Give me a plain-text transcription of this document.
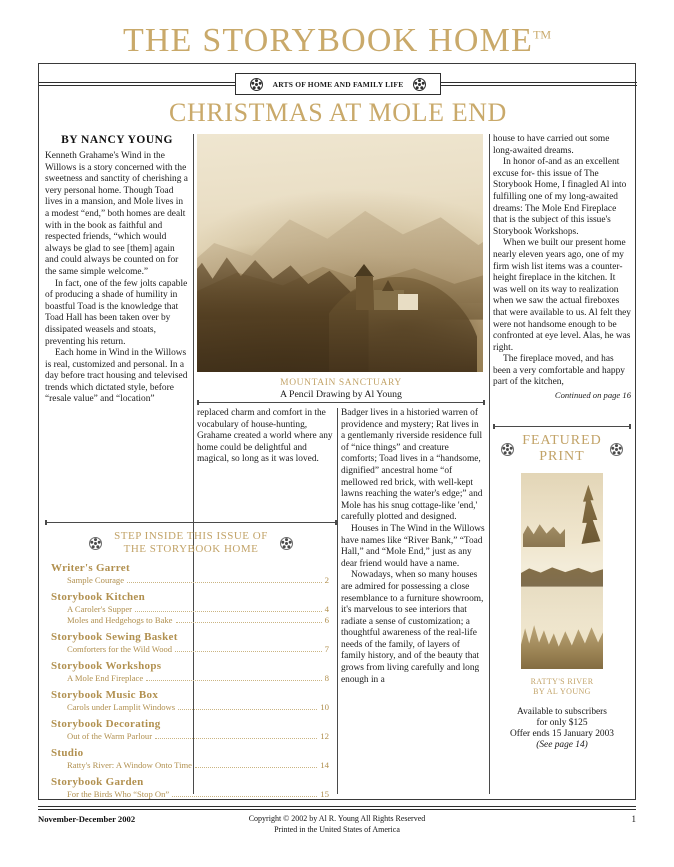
THE STORYBOOK HOME™
ARTS OF HOME AND FAMILY LIFE
CHRISTMAS AT MOLE END
BY NANCY YOUNG

Kenneth Grahame's Wind in the Willows is a story concerned with the sweetness and sanctity of cherishing a very personal home. Though Toad lives in a mansion, and Mole lives in a modest “end,” both homes are dealt with in the book as faithful and respected friends, “which would always be glad to see [them] again and could always be counted on for the same simple welcome.”

In fact, one of the few jolts capable of producing a shade of humility in boastful Toad is the knowledge that Toad Hall has been taken over by dissipated weasels and stoats, preventing his return.

Each home in Wind in the Willows is real, customized and personal. In a day before tract housing and televised trends which dictated style, before “resale value” and “location”

MOUNTAIN SANCTUARY
A Pencil Drawing by Al Young

replaced charm and comfort in the vocabulary of house-hunting, Grahame created a world where any home could be delightful and magical, so long as it was loved.

Badger lives in a historied warren of providence and mystery; Rat lives in a gentlemanly riverside residence full of “nice things” and creature comforts; Toad lives in a “handsome, dignified” ancestral home “of mellowed red brick, with well-kept lawns reaching the water's edge;” and Mole has his snug cottage-like 'end,' carefully plotted and designed.

Houses in The Wind in the Willows have names like “River Bank,” “Toad Hall,” and “Mole End,” just as any dear friend would have a name.

Nowadays, when so many houses are admired for possessing a close resemblance to a furniture showroom, it's marvelous to see interiors that radiate a sense of customization; a thoughtful awareness of the real-life needs of the family, of layers of family history, and of the beauty that grows from living carefully and long enough in a

house to have carried out some long-awaited dreams.

In honor of-and as an excellent excuse for- this issue of The Storybook Home, I finagled Al into fulfilling one of my long-awaited dreams: The Mole End Fireplace that is the subject of this issue's Storybook Workshops.

When we built our present home nearly eleven years ago, one of my firm wish list items was a counter-height fireplace in the kitchen. It was well on its way to realization when we saw the actual fireboxes that were available to us. Al felt they were not handsome enough to be confronted at eye level. Alas, he was right.

The fireplace moved, and has been a very comfortable and happy part of the kitchen,

Continued on page 16
STEP INSIDE THIS ISSUE OF
THE STORYBOOK HOME
Writer's Garret
Sample Courage	2
Storybook Kitchen
A Caroler's Supper	4
Moles and Hedgehogs to Bake	6
Storybook Sewing Basket
Comforters for the Wild Wood	7
Storybook Workshops
A Mole End Fireplace	8
Storybook Music Box
Carols under Lamplit Windows	10
Storybook Decorating
Out of the Warm Parlour	12
Studio
Ratty's River: A Window Onto Time	14
Storybook Garden
For the Birds Who “Stop On”	15
FEATURED
PRINT
RATTY'S RIVER
BY AL YOUNG
Available to subscribers
for only $125
Offer ends 15 January 2003
(See page 14)
November-December 2002	Copyright © 2002 by Al R. Young All Rights Reserved
Printed in the United States of America
1
